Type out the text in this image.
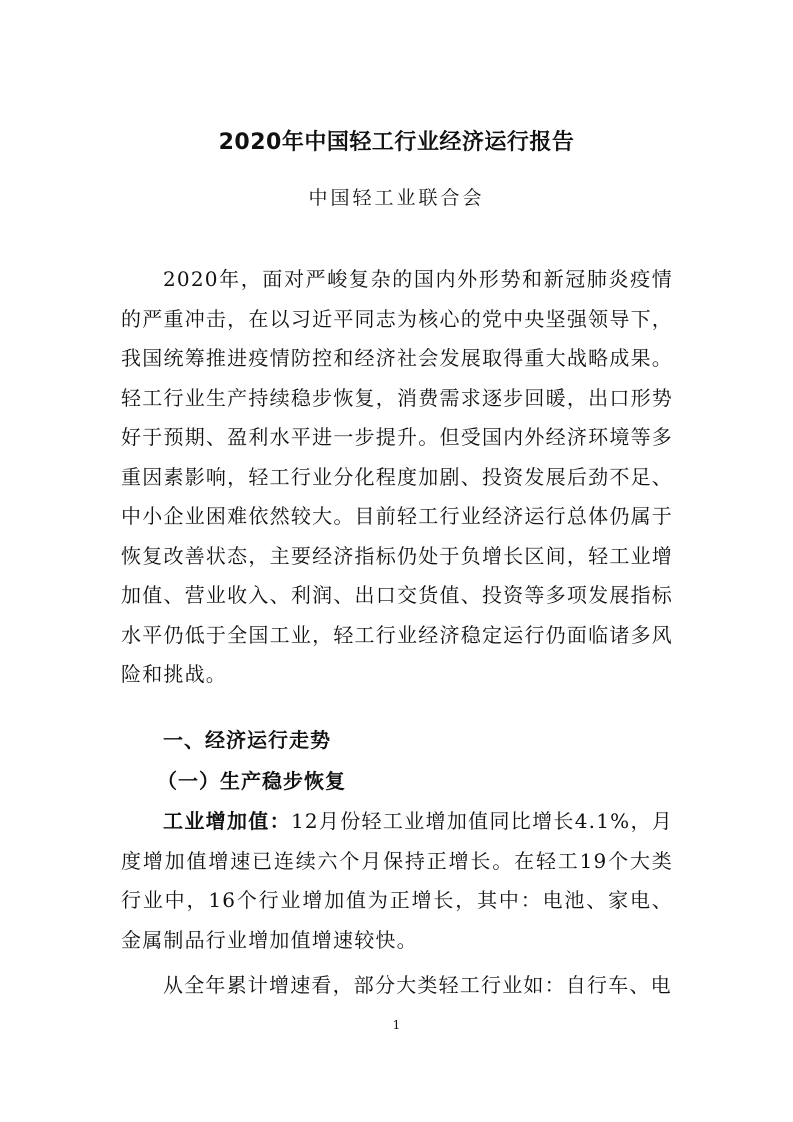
2020年中国轻工行业经济运行报告
中国轻工业联合会
2020年，面对严峻复杂的国内外形势和新冠肺炎疫情的严重冲击，在以习近平同志为核心的党中央坚强领导下，我国统筹推进疫情防控和经济社会发展取得重大战略成果。轻工行业生产持续稳步恢复，消费需求逐步回暖，出口形势好于预期、盈利水平进一步提升。但受国内外经济环境等多重因素影响，轻工行业分化程度加剧、投资发展后劲不足、中小企业困难依然较大。目前轻工行业经济运行总体仍属于恢复改善状态，主要经济指标仍处于负增长区间，轻工业增加值、营业收入、利润、出口交货值、投资等多项发展指标水平仍低于全国工业，轻工行业经济稳定运行仍面临诸多风险和挑战。
一、经济运行走势
（一）生产稳步恢复
工业增加值：12月份轻工业增加值同比增长4.1%，月度增加值增速已连续六个月保持正增长。在轻工19个大类行业中，16个行业增加值为正增长，其中：电池、家电、金属制品行业增加值增速较快。
从全年累计增速看，部分大类轻工行业如：自行车、电
1
